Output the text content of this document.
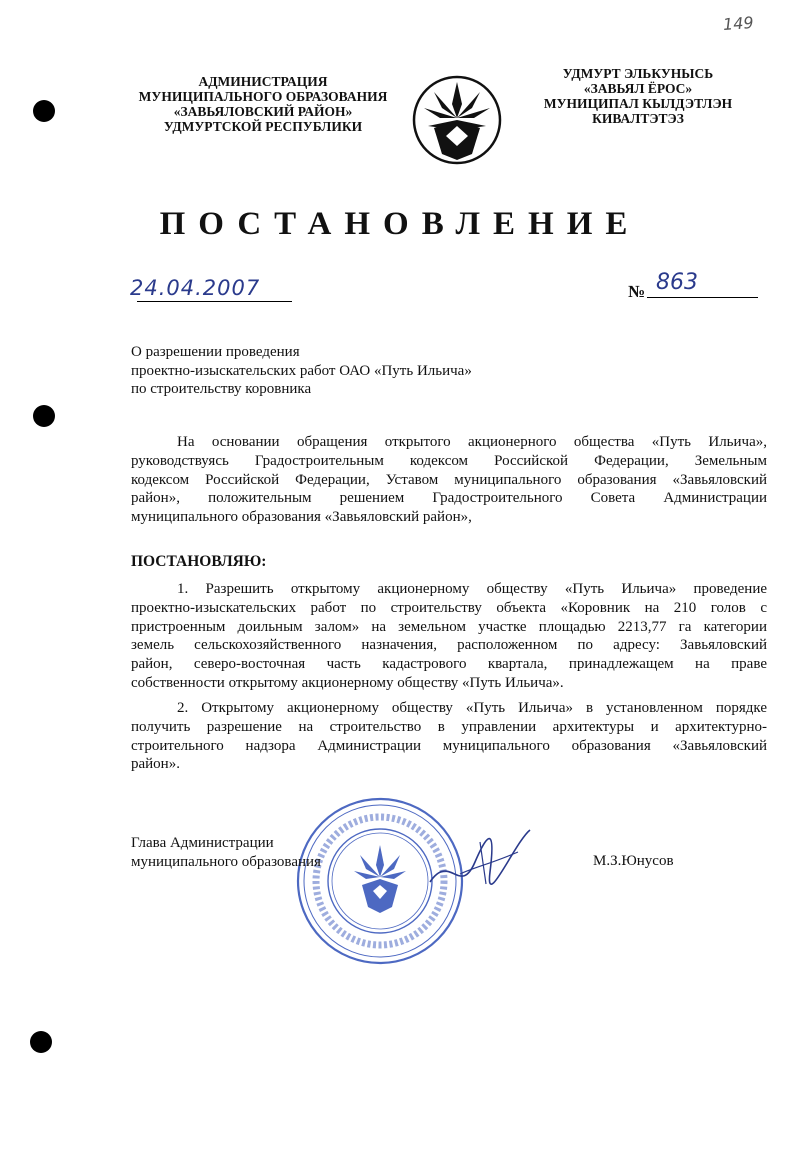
149
АДМИНИСТРАЦИЯ
МУНИЦИПАЛЬНОГО ОБРАЗОВАНИЯ
«ЗАВЬЯЛОВСКИЙ РАЙОН»
УДМУРТСКОЙ РЕСПУБЛИКИ
УДМУРТ ЭЛЬКУНЫСЬ
«ЗАВЬЯЛ ЁРОС»
МУНИЦИПАЛ КЫЛДЭТЛЭН
КИВАЛТЭТЭЗ
ПОСТАНОВЛЕНИЕ
24.04.2007	№ 863
О разрешении проведения
проектно-изыскательских работ ОАО «Путь Ильича»
по строительству коровника
На основании обращения открытого акционерного общества «Путь Ильича»,
руководствуясь Градостроительным кодексом Российской Федерации, Земельным
кодексом Российской Федерации, Уставом муниципального образования «Завьяловский
район», положительным решением Градостроительного Совета Администрации
муниципального образования «Завьяловский район»,
ПОСТАНОВЛЯЮ:
1. Разрешить открытому акционерному обществу «Путь Ильича» проведение
проектно-изыскательских работ по строительству объекта «Коровник на 210 голов с
пристроенным доильным залом» на земельном участке площадью 2213,77 га категории
земель сельскохозяйственного назначения, расположенном по адресу: Завьяловский
район, северо-восточная часть кадастрового квартала, принадлежащем на праве
собственности открытому акционерному обществу «Путь Ильича».
2. Открытому акционерному обществу «Путь Ильича» в установленном порядке
получить разрешение на строительство в управлении архитектуры и архитектурно-
строительного надзора Администрации муниципального образования «Завьяловский
район».
Глава Администрации
муниципального образования	М.З.Юнусов
